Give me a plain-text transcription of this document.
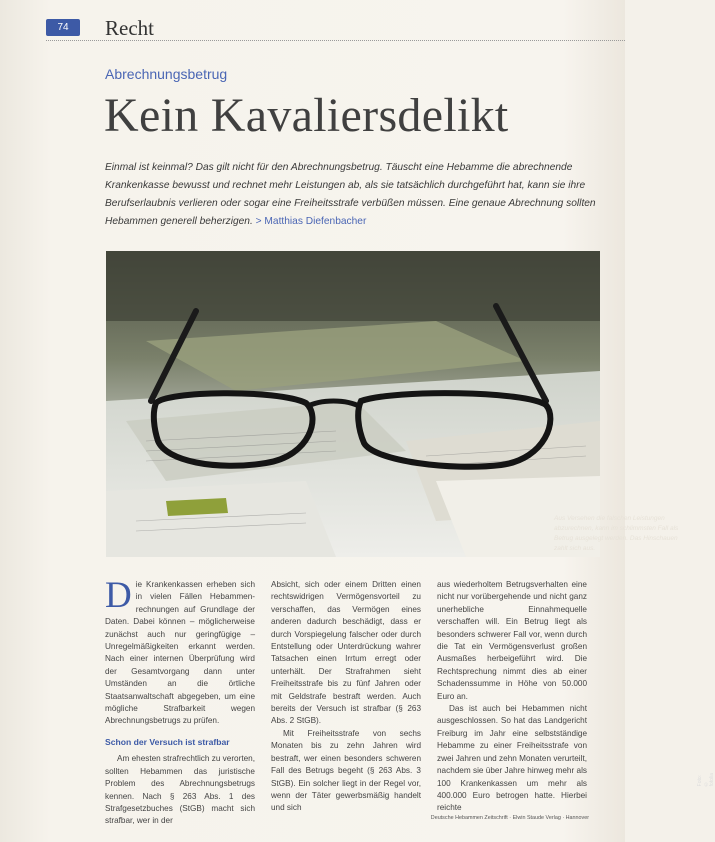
74	Recht
Abrechnungsbetrug
Kein Kavaliersdelikt

Einmal ist keinmal? Das gilt nicht für den Abrechnungsbetrug. Täuscht eine Hebamme die abrechnende Krankenkasse bewusst und rechnet mehr Leistungen ab, als sie tatsächlich durchgeführt hat, kann sie ihre Berufserlaubnis verlieren oder sogar eine Freiheitsstrafe verbüßen müssen. Eine genaue Abrechnung sollten Hebammen generell beherzigen. > Matthias Diefenbacher

Aus Versehen die falschen Leistungen abzurechnen, kann im schlimmsten Fall als Betrug ausgelegt werden. Das Hinschauen zahlt sich aus.

Foto: © fotolia

Die Krankenkassen erheben sich in vielen Fällen Hebammenrechnungen auf Grundlage der Daten. Dabei können – möglicherweise zunächst auch nur geringfügige – Unregelmäßigkeiten erkannt werden. Nach einer internen Überprüfung wird der Gesamtvorgang dann unter Umständen an die örtliche Staatsanwaltschaft abgegeben, um eine mögliche Strafbarkeit wegen Abrechnungsbetrugs zu prüfen.

Schon der Versuch ist strafbar

Am ehesten strafrechtlich zu verorten, sollten Hebammen das juristische Problem des Abrechnungsbetrugs kennen. Nach § 263 Abs. 1 des Strafgesetzbuches (StGB) macht sich strafbar, wer in der

Absicht, sich oder einem Dritten einen rechtswidrigen Vermögensvorteil zu verschaffen, das Vermögen eines anderen dadurch beschädigt, dass er durch Vorspiegelung falscher oder durch Entstellung oder Unterdrückung wahrer Tatsachen einen Irrtum erregt oder unterhält. Der Strafrahmen sieht Freiheitsstrafe bis zu fünf Jahren oder mit Geldstrafe bestraft werden. Auch bereits der Versuch ist strafbar (§ 263 Abs. 2 StGB).

Mit Freiheitsstrafe von sechs Monaten bis zu zehn Jahren wird bestraft, wer einen besonders schweren Fall des Betrugs begeht (§ 263 Abs. 3 StGB). Ein solcher liegt in der Regel vor, wenn der Täter gewerbsmäßig handelt und sich

aus wiederholtem Betrugsverhalten eine nicht nur vorübergehende und nicht ganz unerhebliche Einnahmequelle verschaffen will. Ein Betrug liegt als besonders schwerer Fall vor, wenn durch die Tat ein Vermögensverlust großen Ausmaßes herbeigeführt wird. Die Rechtsprechung nimmt dies ab einer Schadenssumme in Höhe von 50.000 Euro an.

Das ist auch bei Hebammen nicht ausgeschlossen. So hat das Landgericht Freiburg im Jahr eine selbstständige Hebamme zu einer Freiheitsstrafe von zwei Jahren und zehn Monaten verurteilt, nachdem sie über Jahre hinweg mehr als 100 Krankenkassen um mehr als 400.000 Euro betrogen hatte. Hierbei reichte

Deutsche Hebammen Zeitschrift · Elwin Staude Verlag · Hannover
